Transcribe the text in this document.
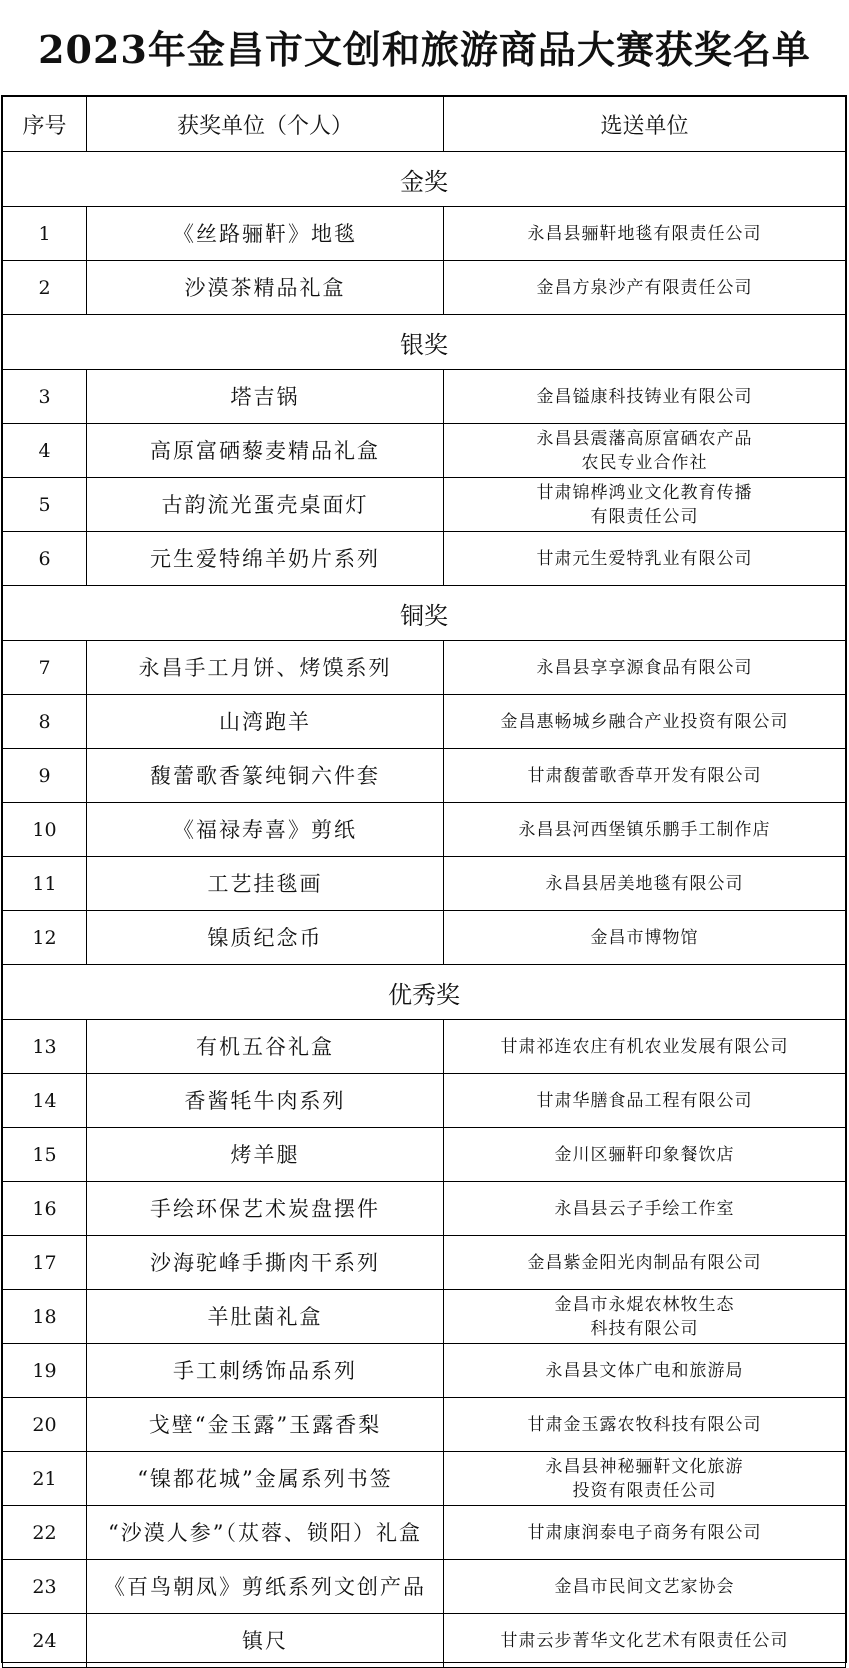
2023年金昌市文创和旅游商品大赛获奖名单
序号	获奖单位（个人）	选送单位
金奖		
1	《丝路骊靬》地毯	永昌县骊靬地毯有限责任公司

2	沙漠茶精品礼盒	金昌方泉沙产有限责任公司

银奖		
3	塔吉锅	金昌镒康科技铸业有限公司

4	高原富硒藜麦精品礼盒	永昌县震藩高原富硒农产品
农民专业合作社

5	古韵流光蛋壳桌面灯	甘肃锦桦鸿业文化教育传播
有限责任公司

6	元生爱特绵羊奶片系列	甘肃元生爱特乳业有限公司

铜奖		
7	永昌手工月饼、烤馍系列	永昌县享享源食品有限公司

8	山湾跑羊	金昌惠畅城乡融合产业投资有限公司

9	馥蕾歌香篆纯铜六件套	甘肃馥蕾歌香草开发有限公司

10	《福禄寿喜》剪纸	永昌县河西堡镇乐鹏手工制作店

11	工艺挂毯画	永昌县居美地毯有限公司

12	镍质纪念币	金昌市博物馆

优秀奖		
13	有机五谷礼盒	甘肃祁连农庄有机农业发展有限公司

14	香酱牦牛肉系列	甘肃华膳食品工程有限公司

15	烤羊腿	金川区骊靬印象餐饮店

16	手绘环保艺术炭盘摆件	永昌县云子手绘工作室

17	沙海驼峰手撕肉干系列	金昌紫金阳光肉制品有限公司

18	羊肚菌礼盒	金昌市永焜农林牧生态
科技有限公司

19	手工刺绣饰品系列	永昌县文体广电和旅游局

20	戈壁“金玉露”玉露香梨	甘肃金玉露农牧科技有限公司

21	“镍都花城”金属系列书签	永昌县神秘骊靬文化旅游
投资有限责任公司

22	“沙漠人参”（苁蓉、锁阳）礼盒	甘肃康润泰电子商务有限公司

23	《百鸟朝凤》剪纸系列文创产品	金昌市民间文艺家协会

24	镇尺	甘肃云步菁华文化艺术有限责任公司
